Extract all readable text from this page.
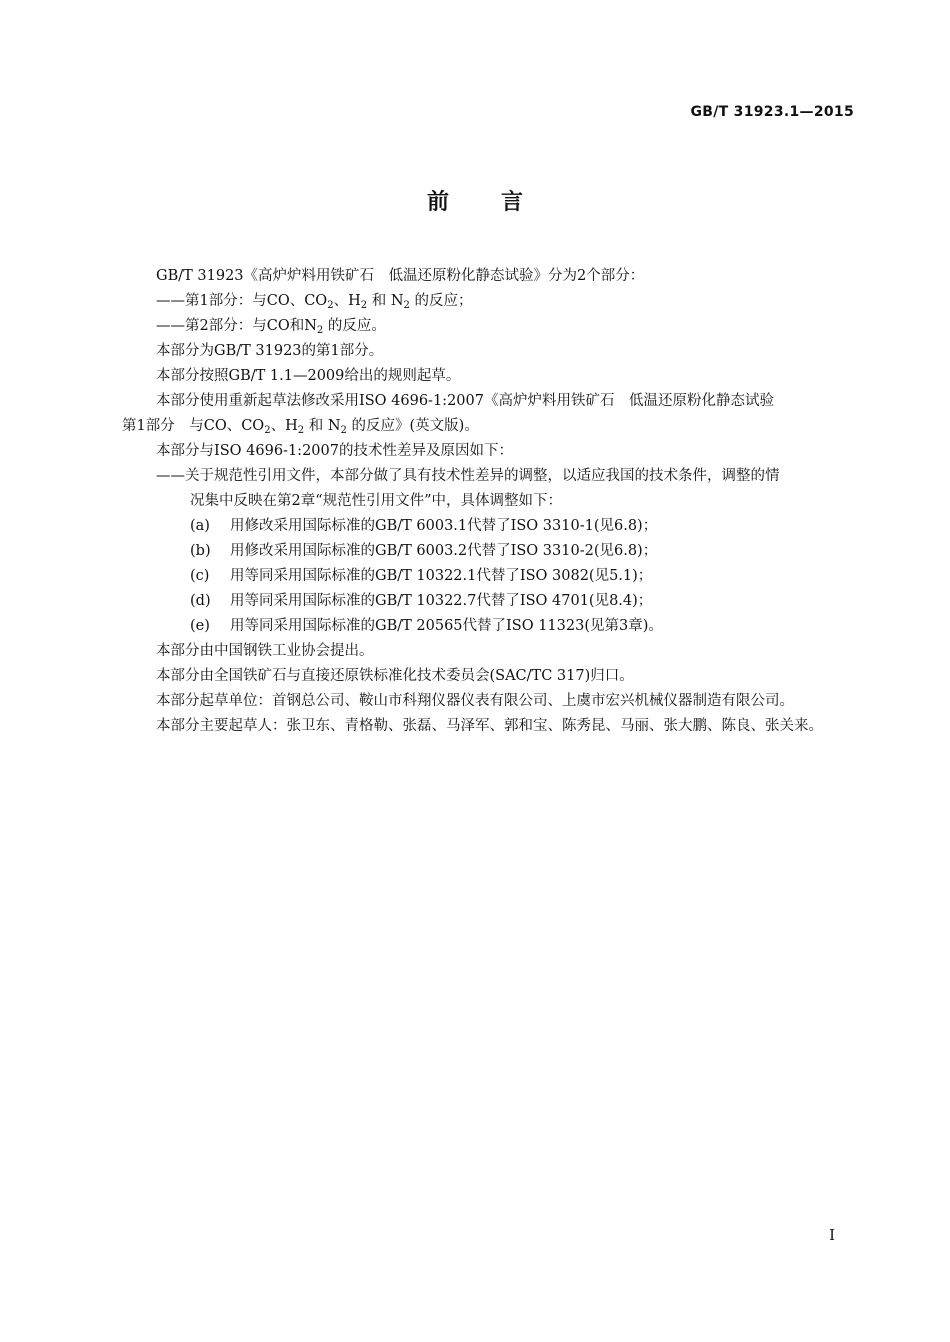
GB/T 31923.1—2015
前 言
GB/T 31923《高炉炉料用铁矿石　低温还原粉化静态试验》分为2个部分：
——第1部分：与CO、$CO_2$、$H_2$ 和 $N_2$ 的反应；
——第2部分：与CO和$N_2$ 的反应。
本部分为GB/T 31923的第1部分。
本部分按照GB/T 1.1—2009给出的规则起草。
本部分使用重新起草法修改采用ISO 4696-1:2007《高炉炉料用铁矿石　低温还原粉化静态试验
第1部分　与CO、$CO_2$、$H_2$ 和 $N_2$ 的反应》(英文版)。
本部分与ISO 4696-1:2007的技术性差异及原因如下：
——关于规范性引用文件，本部分做了具有技术性差异的调整，以适应我国的技术条件，调整的情
况集中反映在第2章“规范性引用文件”中，具体调整如下：
(a) 用修改采用国际标准的GB/T 6003.1代替了ISO 3310-1(见6.8)；
(b) 用修改采用国际标准的GB/T 6003.2代替了ISO 3310-2(见6.8)；
(c) 用等同采用国际标准的GB/T 10322.1代替了ISO 3082(见5.1)；
(d) 用等同采用国际标准的GB/T 10322.7代替了ISO 4701(见8.4)；
(e) 用等同采用国际标准的GB/T 20565代替了ISO 11323(见第3章)。
本部分由中国钢铁工业协会提出。
本部分由全国铁矿石与直接还原铁标准化技术委员会(SAC/TC 317)归口。
本部分起草单位：首钢总公司、鞍山市科翔仪器仪表有限公司、上虞市宏兴机械仪器制造有限公司。
本部分主要起草人：张卫东、青格勒、张磊、马泽军、郭和宝、陈秀昆、马丽、张大鹏、陈良、张关来。
I
